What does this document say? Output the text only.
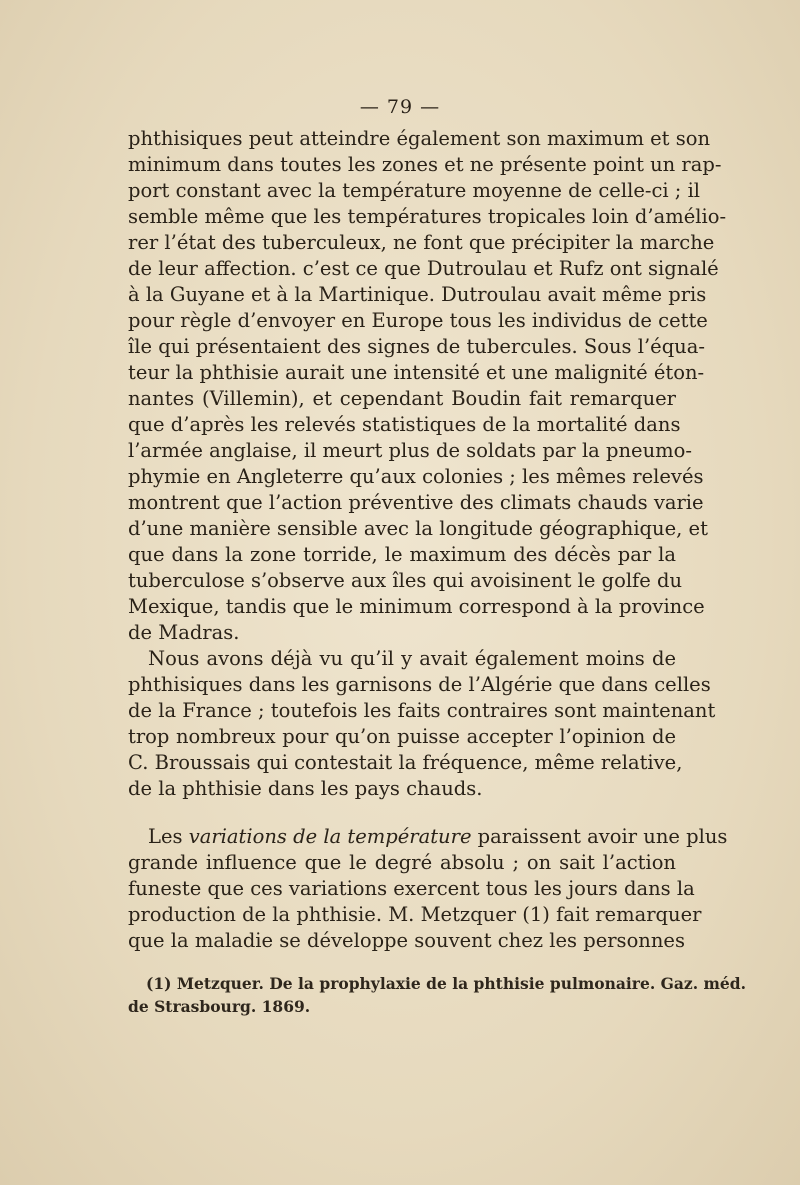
— 79 —
phthisiques peut atteindre également son maximum et son
minimum dans toutes les zones et ne présente point un rap-
port constant avec la température moyenne de celle-ci ; il
semble même que les températures tropicales loin d’amélio-
rer l’état des tuberculeux, ne font que précipiter la marche
de leur affection. c’est ce que Dutroulau et Rufz ont signalé
à la Guyane et à la Martinique. Dutroulau avait même pris
pour règle d’envoyer en Europe tous les individus de cette
île qui présentaient des signes de tubercules. Sous l’équa-
teur la phthisie aurait une intensité et une malignité éton-
nantes (Villemin), et cependant Boudin fait remarquer
que d’après les relevés statistiques de la mortalité dans
l’armée anglaise, il meurt plus de soldats par la pneumo-
phymie en Angleterre qu’aux colonies ; les mêmes relevés
montrent que l’action préventive des climats chauds varie
d’une manière sensible avec la longitude géographique, et
que dans la zone torride, le maximum des décès par la
tuberculose s’observe aux îles qui avoisinent le golfe du
Mexique, tandis que le minimum correspond à la province
de Madras.
Nous avons déjà vu qu’il y avait également moins de
phthisiques dans les garnisons de l’Algérie que dans celles
de la France ; toutefois les faits contraires sont maintenant
trop nombreux pour qu’on puisse accepter l’opinion de
C. Broussais qui contestait la fréquence, même relative,
de la phthisie dans les pays chauds.
Les variations de la température paraissent avoir une plus
grande influence que le degré absolu ; on sait l’action
funeste que ces variations exercent tous les jours dans la
production de la phthisie. M. Metzquer (1) fait remarquer
que la maladie se développe souvent chez les personnes
(1) Metzquer. De la prophylaxie de la phthisie pulmonaire. Gaz. méd.
de Strasbourg. 1869.
